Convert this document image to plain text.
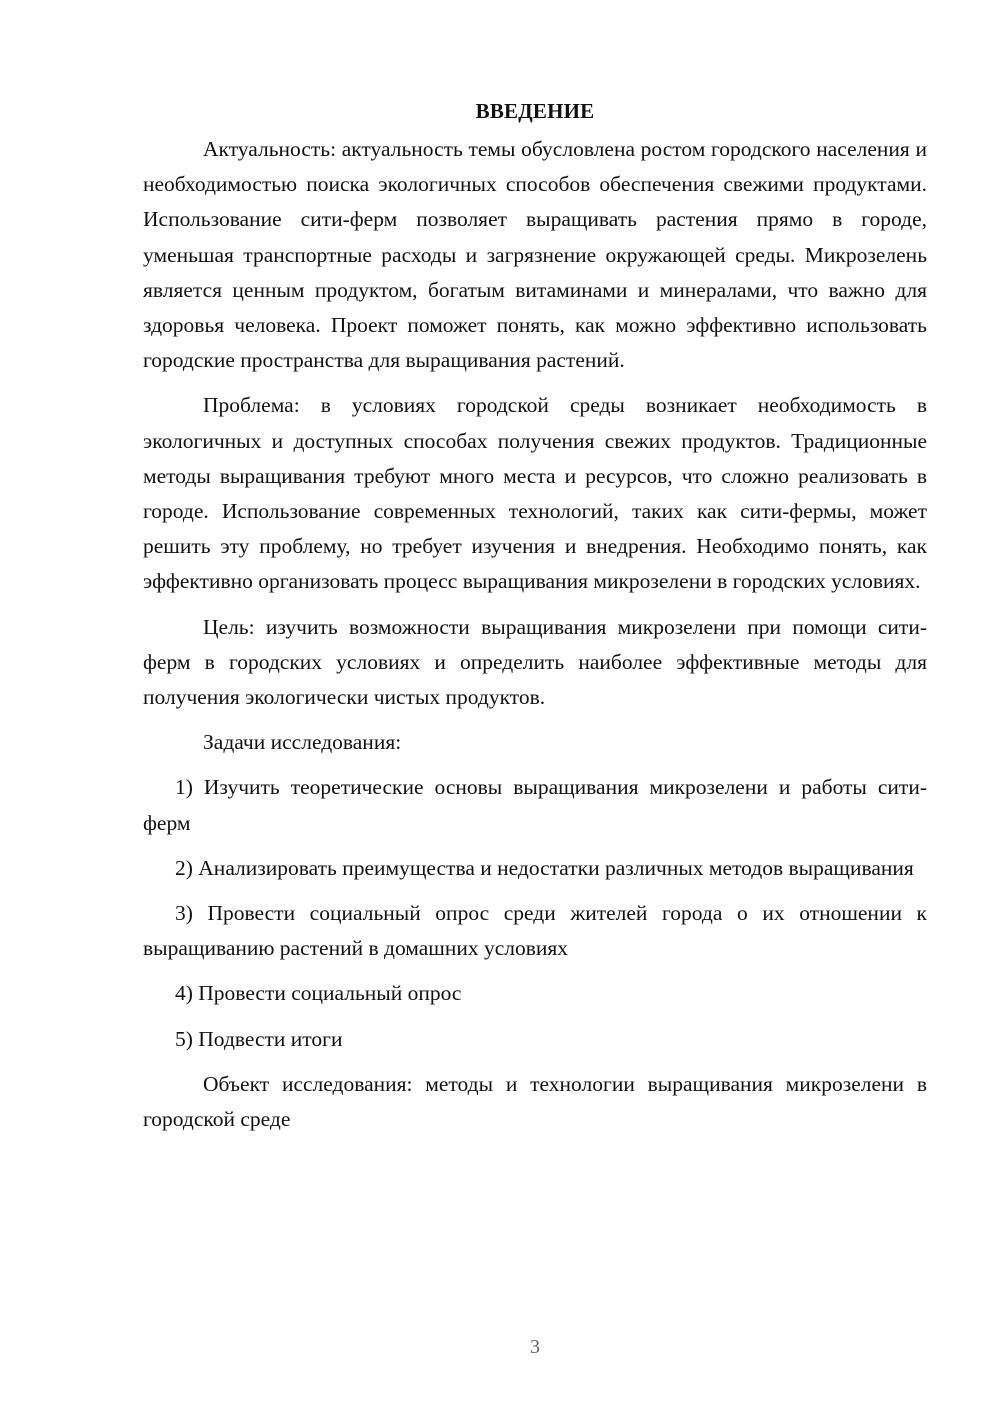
ВВЕДЕНИЕ

Актуальность: актуальность темы обусловлена ростом городского населения и необходимостью поиска экологичных способов обеспечения свежими продуктами. Использование сити-ферм позволяет выращивать растения прямо в городе, уменьшая транспортные расходы и загрязнение окружающей среды. Микрозелень является ценным продуктом, богатым витаминами и минералами, что важно для здоровья человека. Проект поможет понять, как можно эффективно использовать городские пространства для выращивания растений.

Проблема: в условиях городской среды возникает необходимость в экологичных и доступных способах получения свежих продуктов. Традиционные методы выращивания требуют много места и ресурсов, что сложно реализовать в городе. Использование современных технологий, таких как сити-фермы, может решить эту проблему, но требует изучения и внедрения. Необходимо понять, как эффективно организовать процесс выращивания микрозелени в городских условиях.

Цель: изучить возможности выращивания микрозелени при помощи сити-ферм в городских условиях и определить наиболее эффективные методы для получения экологически чистых продуктов.

Задачи исследования:

1) Изучить теоретические основы выращивания микрозелени и работы сити-ферм

2) Анализировать преимущества и недостатки различных методов выращивания

3) Провести социальный опрос среди жителей города о их отношении к выращиванию растений в домашних условиях

4) Провести социальный опрос

5) Подвести итоги

Объект исследования: методы и технологии выращивания микрозелени в городской среде

3
